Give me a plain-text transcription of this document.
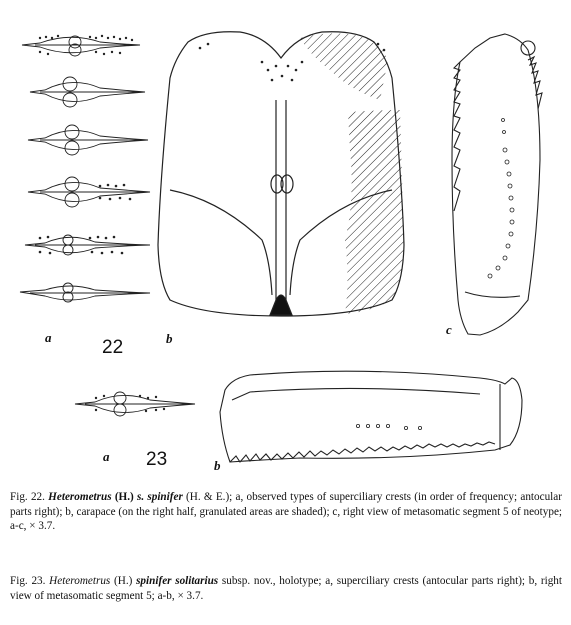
a	b
c
22
a 23	b
Fig. 22. Heterometrus (H.) s. spinifer (H. & E.); a, observed types of superciliary crests (in order of frequency; antocular parts right); b, carapace (on the right half, granulated areas are shaded); c, right view of metasomatic segment 5 of neotype; a-c, × 3.7.
Fig. 23. Heterometrus (H.) spinifer solitarius subsp. nov., holotype; a, superciliary crests (antocular parts right); b, right view of metasomatic segment 5; a-b, × 3.7.
